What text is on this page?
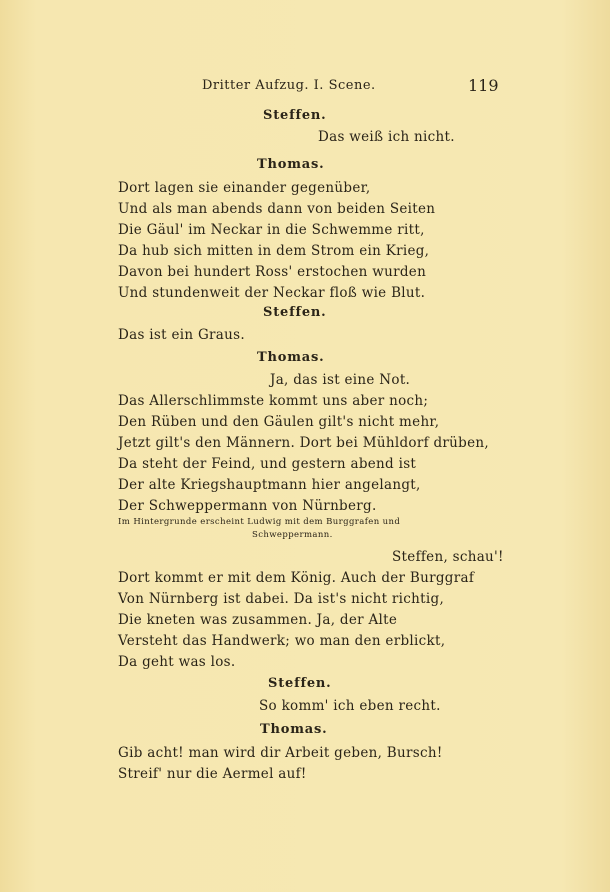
Dritter Aufzug. I. Scene.	119
Steffen.
Das weiß ich nicht.
Thomas.
Dort lagen sie einander gegenüber,
Und als man abends dann von beiden Seiten
Die Gäul' im Neckar in die Schwemme ritt,
Da hub sich mitten in dem Strom ein Krieg,
Davon bei hundert Ross' erstochen wurden
Und stundenweit der Neckar floß wie Blut.
Steffen.
Das ist ein Graus.
Thomas.
Ja, das ist eine Not.
Das Allerschlimmste kommt uns aber noch;
Den Rüben und den Gäulen gilt's nicht mehr,
Jetzt gilt's den Männern. Dort bei Mühldorf drüben,
Da steht der Feind, und gestern abend ist
Der alte Kriegshauptmann hier angelangt,
Der Schweppermann von Nürnberg.
Im Hintergrunde erscheint Ludwig mit dem Burggrafen und
Schweppermann.
Steffen, schau'!
Dort kommt er mit dem König. Auch der Burggraf
Von Nürnberg ist dabei. Da ist's nicht richtig,
Die kneten was zusammen. Ja, der Alte
Versteht das Handwerk; wo man den erblickt,
Da geht was los.
Steffen.
So komm' ich eben recht.
Thomas.
Gib acht! man wird dir Arbeit geben, Bursch!
Streif' nur die Aermel auf!
